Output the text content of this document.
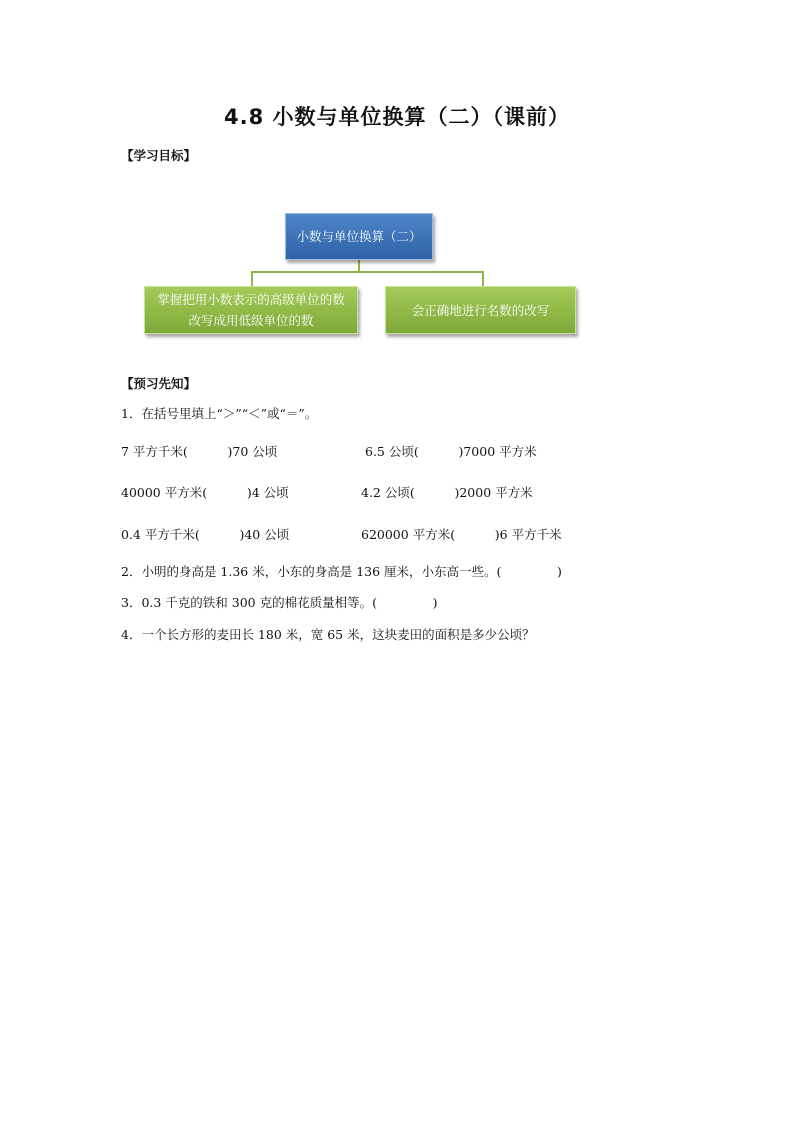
4.8 小数与单位换算（二）（课前）
【学习目标】
小数与单位换算（二）
掌握把用小数表示的高级单位的数
改写成用低级单位的数
会正确地进行名数的改写
【预习先知】
1．在括号里填上“＞”“＜”或“＝”。
7 平方千米(          )70 公顷	6.5 公顷(          )7000 平方米
40000 平方米(          )4 公顷	4.2 公顷(          )2000 平方米
0.4 平方千米(          )40 公顷	620000 平方米(          )6 平方千米
2．小明的身高是 1.36 米，小东的身高是 136 厘米，小东高一些。(              )
3．0.3 千克的铁和 300 克的棉花质量相等。(              )
4．一个长方形的麦田长 180 米，宽 65 米，这块麦田的面积是多少公顷？
